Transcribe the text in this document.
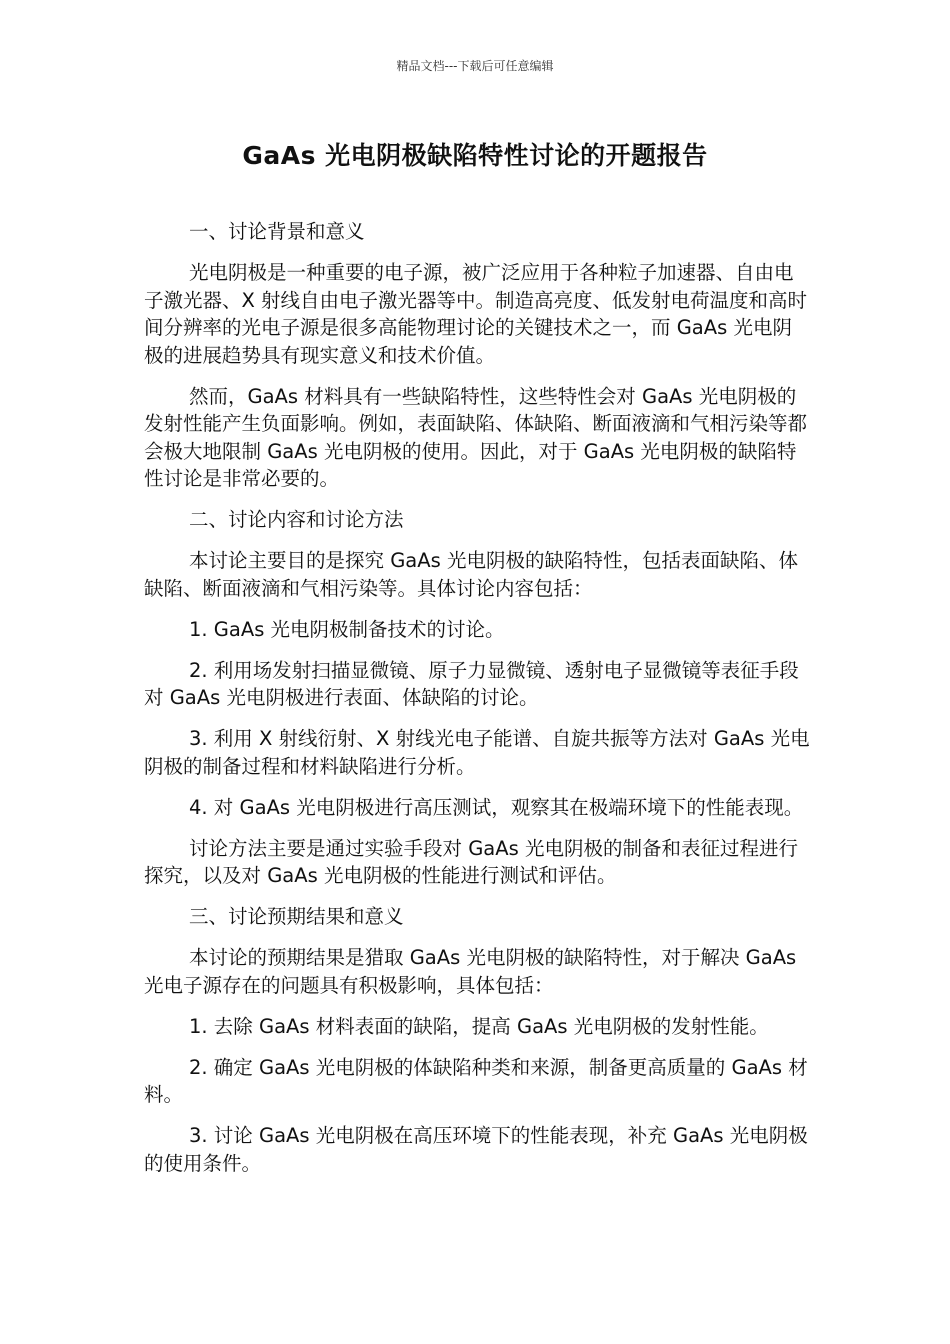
精品文档---下载后可任意编辑
GaAs 光电阴极缺陷特性讨论的开题报告

一、讨论背景和意义

光电阴极是一种重要的电子源，被广泛应用于各种粒子加速器、自由电子激光器、X 射线自由电子激光器等中。制造高亮度、低发射电荷温度和高时间分辨率的光电子源是很多高能物理讨论的关键技术之一，而 GaAs 光电阴极的进展趋势具有现实意义和技术价值。

然而，GaAs 材料具有一些缺陷特性，这些特性会对 GaAs 光电阴极的发射性能产生负面影响。例如，表面缺陷、体缺陷、断面液滴和气相污染等都会极大地限制 GaAs 光电阴极的使用。因此，对于 GaAs 光电阴极的缺陷特性讨论是非常必要的。

二、讨论内容和讨论方法

本讨论主要目的是探究 GaAs 光电阴极的缺陷特性，包括表面缺陷、体缺陷、断面液滴和气相污染等。具体讨论内容包括：

1. GaAs 光电阴极制备技术的讨论。

2. 利用场发射扫描显微镜、原子力显微镜、透射电子显微镜等表征手段对 GaAs 光电阴极进行表面、体缺陷的讨论。

3. 利用 X 射线衍射、X 射线光电子能谱、自旋共振等方法对 GaAs 光电阴极的制备过程和材料缺陷进行分析。

4. 对 GaAs 光电阴极进行高压测试，观察其在极端环境下的性能表现。

讨论方法主要是通过实验手段对 GaAs 光电阴极的制备和表征过程进行探究，以及对 GaAs 光电阴极的性能进行测试和评估。

三、讨论预期结果和意义

本讨论的预期结果是猎取 GaAs 光电阴极的缺陷特性，对于解决 GaAs 光电子源存在的问题具有积极影响，具体包括：

1. 去除 GaAs 材料表面的缺陷，提高 GaAs 光电阴极的发射性能。

2. 确定 GaAs 光电阴极的体缺陷种类和来源，制备更高质量的 GaAs 材料。

3. 讨论 GaAs 光电阴极在高压环境下的性能表现，补充 GaAs 光电阴极的使用条件。
